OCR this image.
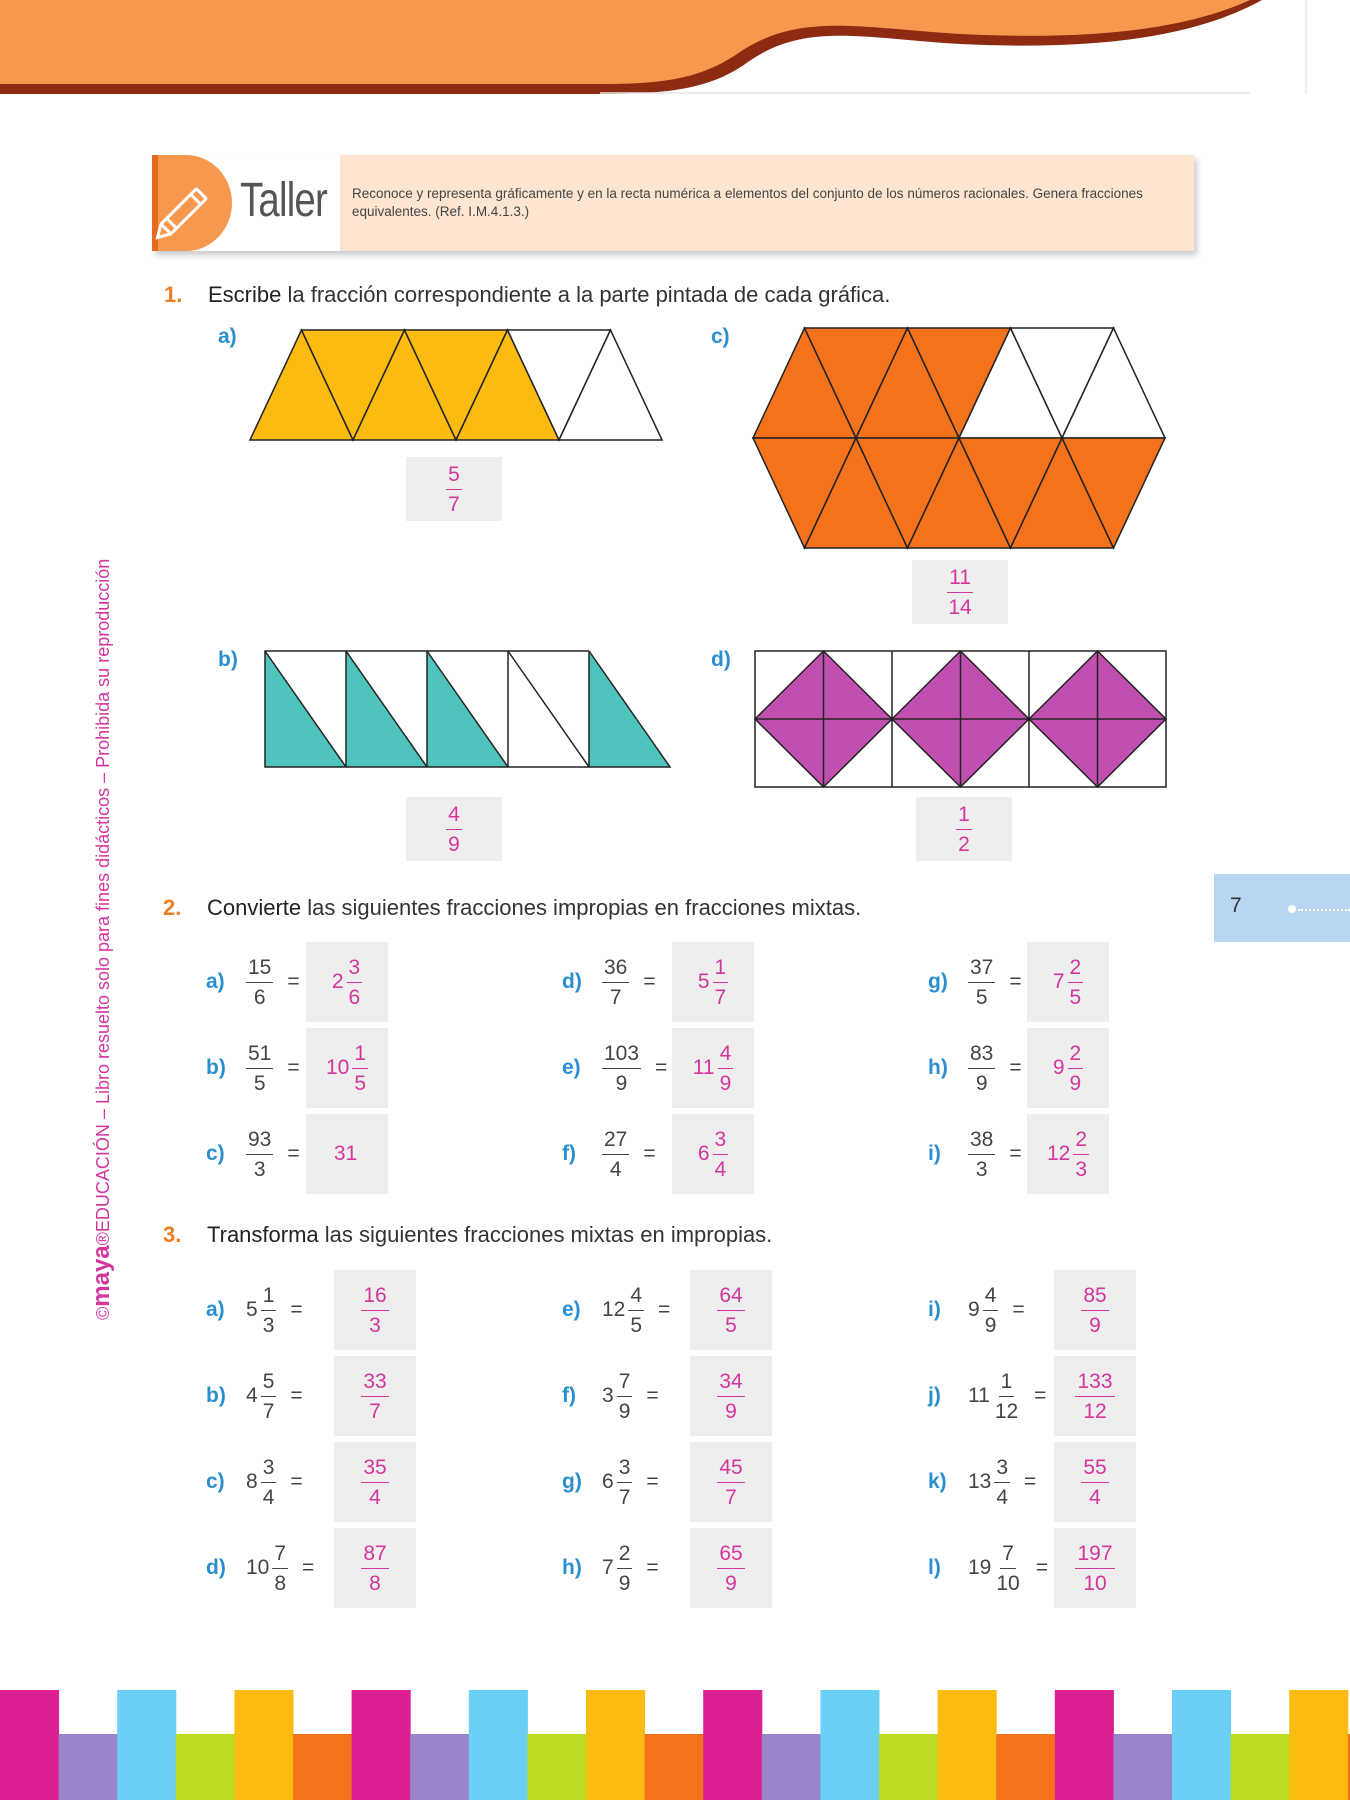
Taller Reconoce y representa gráficamente y en la recta numérica a elementos del conjunto de los números racionales. Genera fracciones equivalentes. (Ref. I.M.4.1.3.)
1. Escribe la fracción correspondiente a la parte pintada de cada gráfica.
a)
b)
c)
d)
$\frac{5}{7}$
$\frac{4}{9}$
$\frac{11}{14}$
$\frac{1}{2}$
2. Convierte las siguientes fracciones impropias en fracciones mixtas.
a)	$\frac{15}{6} = 2 \frac{3}{6}$
$b) \frac{51}{5} = 10 \frac{1}{5}$
c)	$\frac{93}{3} = 31$
$d) \frac{36}{7} = 5 \frac{1}{7}$
e)	$\frac{103}{9} = 11 \frac{4}{9}$
f)	$\frac{27}{4} = 6 \frac{3}{4}$
$g) \frac{37}{5} = 7 \frac{2}{5}$
$h) \frac{83}{9} = 9 \frac{2}{9}$
i)	$\frac{38}{3} = 12 \frac{2}{3}$
3. Transforma las siguientes fracciones mixtas en impropias.
a)	$5 \frac{1}{3}$ =	$\frac{16}{3}$
b) $4 \frac{5}{7}$ =	$\frac{33}{7}$
c)	$8 \frac{3}{4}$ =	$\frac{35}{4}$
d) $10 \frac{7}{8} = \frac{87}{8}$
e)	$12 \frac{4}{5} = \frac{64}{5}$
f)	$3 \frac{7}{9}$ =	$\frac{34}{9}$
g) $6 \frac{3}{7}$ =	$\frac{45}{7}$
h) $7 \frac{2}{9}$ =	$\frac{65}{9}$
i)	$9 \frac{4}{9}$ =	$\frac{85}{9}$
j)	$11 \frac{1}{12} = \frac{133}{12}$
k)	$13 \frac{3}{4} = \frac{55}{4}$
l)	$19 \frac{7}{10} = \frac{197}{10}$
©maya®EDUCACIÓN – Libro resuelto solo para fines didácticos – Prohibida su reproducción	7
